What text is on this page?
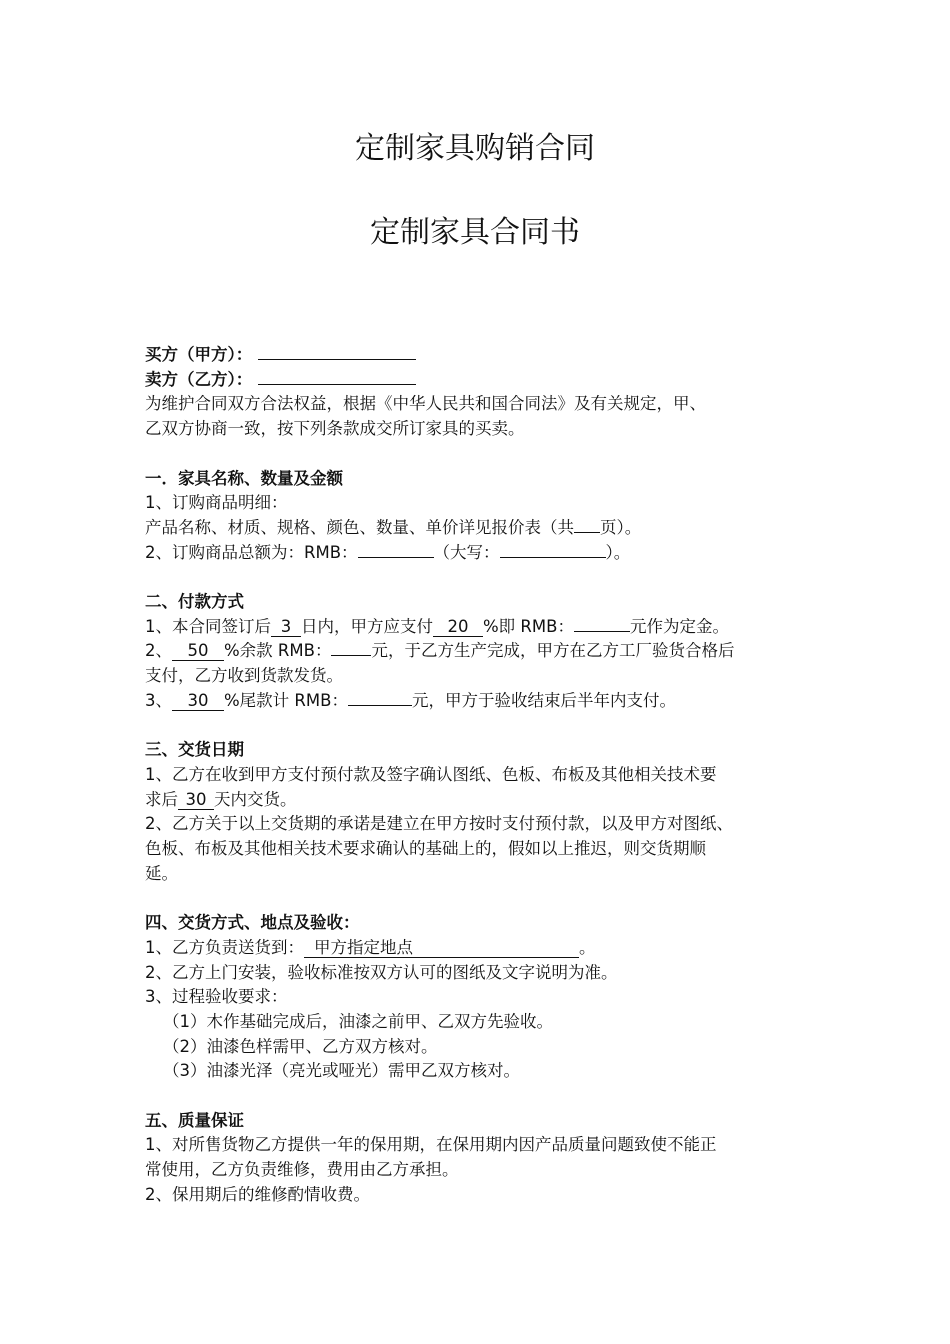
定制家具购销合同
定制家具合同书

买方（甲方）：

卖方（乙方）：

为维护合同双方合法权益，根据《中华人民共和国合同法》及有关规定，甲、

乙双方协商一致，按下列条款成交所订家具的买卖。

一．家具名称、数量及金额

1、订购商品明细：

产品名称、材质、规格、颜色、数量、单价详见报价表（共 页）。

2、订购商品总额为：RMB：	（大写：	）。

二、付款方式

1、本合同签订后 3 日内，甲方应支付 20 %即 RMB：	元作为定金。

2、 50 %余款 RMB： 元，于乙方生产完成，甲方在乙方工厂验货合格后

支付，乙方收到货款发货。

3、 30 %尾款计 RMB：	元，甲方于验收结束后半年内支付。

三、交货日期

1、乙方在收到甲方支付预付款及签字确认图纸、色板、布板及其他相关技术要

求后 30 天内交货。

2、乙方关于以上交货期的承诺是建立在甲方按时支付预付款，以及甲方对图纸、

色板、布板及其他相关技术要求确认的基础上的，假如以上推迟，则交货期顺

延。

四、交货方式、地点及验收：

1、乙方负责送货到： 甲方指定地点	。

2、乙方上门安装，验收标准按双方认可的图纸及文字说明为准。

3、过程验收要求：

（1）木作基础完成后，油漆之前甲、乙双方先验收。

（2）油漆色样需甲、乙方双方核对。

（3）油漆光泽（亮光或哑光）需甲乙双方核对。

五、质量保证

1、对所售货物乙方提供一年的保用期，在保用期内因产品质量问题致使不能正

常使用，乙方负责维修，费用由乙方承担。

2、保用期后的维修酌情收费。
